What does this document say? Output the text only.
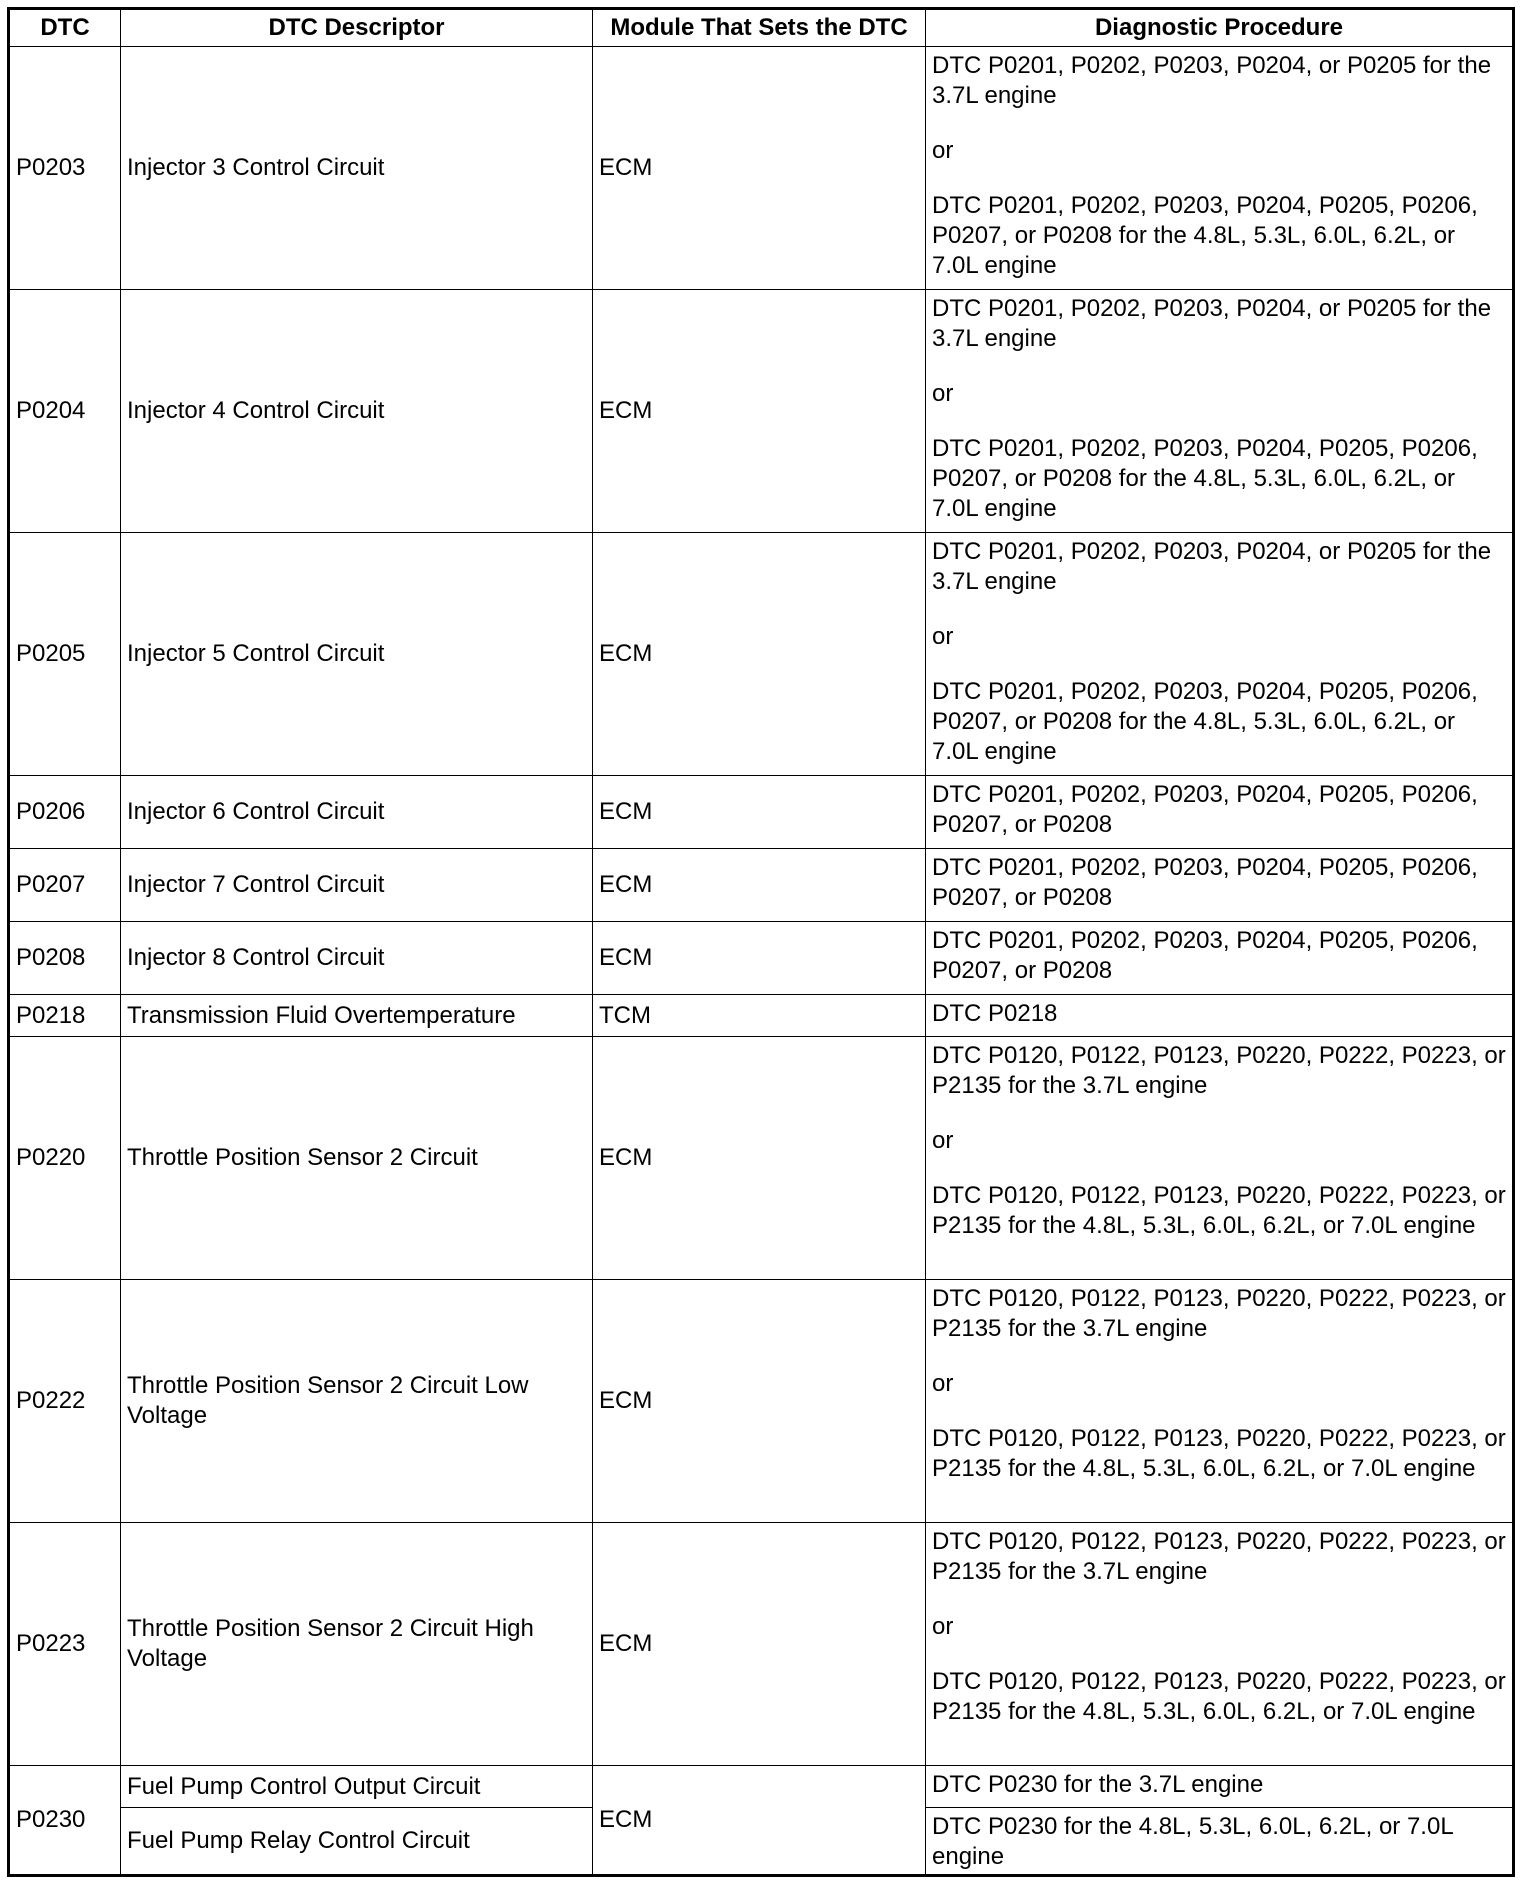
DTC	DTC Descriptor	Module That Sets the DTC	Diagnostic Procedure
P0203	Injector 3 Control Circuit	ECM	DTC P0201, P0202, P0203, P0204, or P0205 for the 3.7L engine
or
DTC P0201, P0202, P0203, P0204, P0205, P0206, P0207, or P0208 for the 4.8L, 5.3L, 6.0L, 6.2L, or 7.0L engine

P0204	Injector 4 Control Circuit	ECM	DTC P0201, P0202, P0203, P0204, or P0205 for the 3.7L engine
or
DTC P0201, P0202, P0203, P0204, P0205, P0206, P0207, or P0208 for the 4.8L, 5.3L, 6.0L, 6.2L, or 7.0L engine

P0205	Injector 5 Control Circuit	ECM	DTC P0201, P0202, P0203, P0204, or P0205 for the 3.7L engine
or
DTC P0201, P0202, P0203, P0204, P0205, P0206, P0207, or P0208 for the 4.8L, 5.3L, 6.0L, 6.2L, or 7.0L engine

P0206	Injector 6 Control Circuit	ECM	DTC P0201, P0202, P0203, P0204, P0205, P0206, P0207, or P0208

P0207	Injector 7 Control Circuit	ECM	DTC P0201, P0202, P0203, P0204, P0205, P0206, P0207, or P0208

P0208	Injector 8 Control Circuit	ECM	DTC P0201, P0202, P0203, P0204, P0205, P0206, P0207, or P0208

P0218	Transmission Fluid Overtemperature	TCM	DTC P0218

P0220	Throttle Position Sensor 2 Circuit	ECM	DTC P0120, P0122, P0123, P0220, P0222, P0223, or P2135 for the 3.7L engine
or
DTC P0120, P0122, P0123, P0220, P0222, P0223, or P2135 for the 4.8L, 5.3L, 6.0L, 6.2L, or 7.0L engine

P0222	Throttle Position Sensor 2 Circuit Low Voltage	ECM	DTC P0120, P0122, P0123, P0220, P0222, P0223, or P2135 for the 3.7L engine
or
DTC P0120, P0122, P0123, P0220, P0222, P0223, or P2135 for the 4.8L, 5.3L, 6.0L, 6.2L, or 7.0L engine

P0223	Throttle Position Sensor 2 Circuit High Voltage	ECM	DTC P0120, P0122, P0123, P0220, P0222, P0223, or P2135 for the 3.7L engine
or
DTC P0120, P0122, P0123, P0220, P0222, P0223, or P2135 for the 4.8L, 5.3L, 6.0L, 6.2L, or 7.0L engine

P0230	Fuel Pump Control Output Circuit	ECM	DTC P0230 for the 3.7L engine
	Fuel Pump Relay Control Circuit		DTC P0230 for the 4.8L, 5.3L, 6.0L, 6.2L, or 7.0L engine
